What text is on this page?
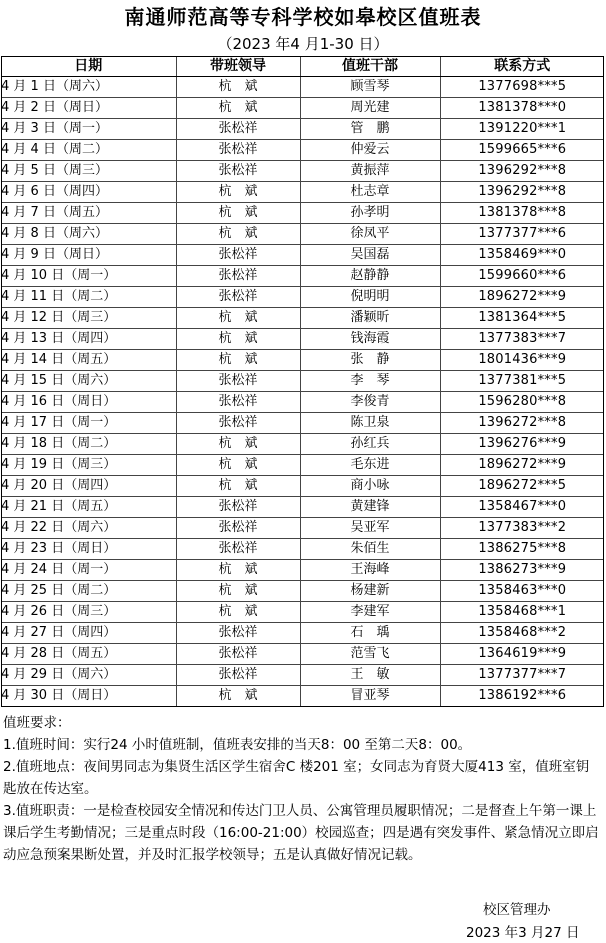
南通师范高等专科学校如皋校区值班表
（2023 年4 月1-30 日）
日期	带班领导	值班干部	联系方式
4 月 1 日（周六）	杭　斌	顾雪琴	1377698***5
4 月 2 日（周日）	杭　斌	周光建	1381378***0
4 月 3 日（周一）	张松祥	管　鹏	1391220***1
4 月 4 日（周二）	张松祥	仲爱云	1599665***6
4 月 5 日（周三）	张松祥	黄振萍	1396292***8
4 月 6 日（周四）	杭　斌	杜志章	1396292***8
4 月 7 日（周五）	杭　斌	孙孝明	1381378***8
4 月 8 日（周六）	杭　斌	徐凤平	1377377***6
4 月 9 日（周日）	张松祥	吴国磊	1358469***0
4 月 10 日（周一）	张松祥	赵静静	1599660***6
4 月 11 日（周二）	张松祥	倪明明	1896272***9
4 月 12 日（周三）	杭　斌	潘颖昕	1381364***5
4 月 13 日（周四）	杭　斌	钱海霞	1377383***7
4 月 14 日（周五）	杭　斌	张　静	1801436***9
4 月 15 日（周六）	张松祥	李　琴	1377381***5
4 月 16 日（周日）	张松祥	李俊青	1596280***8
4 月 17 日（周一）	张松祥	陈卫泉	1396272***8
4 月 18 日（周二）	杭　斌	孙红兵	1396276***9
4 月 19 日（周三）	杭　斌	毛东进	1896272***9
4 月 20 日（周四）	杭　斌	商小咏	1896272***5
4 月 21 日（周五）	张松祥	黄建锋	1358467***0
4 月 22 日（周六）	张松祥	吴亚军	1377383***2
4 月 23 日（周日）	张松祥	朱佰生	1386275***8
4 月 24 日（周一）	杭　斌	王海峰	1386273***9
4 月 25 日（周二）	杭　斌	杨建新	1358463***0
4 月 26 日（周三）	杭　斌	李建军	1358468***1
4 月 27 日（周四）	张松祥	石　瑀	1358468***2
4 月 28 日（周五）	张松祥	范雪飞	1364619***9
4 月 29 日（周六）	张松祥	王　敏	1377377***7
4 月 30 日（周日）	杭　斌	冒亚琴	1386192***6
值班要求：
1.值班时间：实行24 小时值班制，值班表安排的当天8：00 至第二天8：00。
2.值班地点：夜间男同志为集贤生活区学生宿舍C 楼201 室；女同志为育贤大厦413 室，值班室钥匙放在传达室。
3.值班职责：一是检查校园安全情况和传达门卫人员、公寓管理员履职情况；二是督查上午第一课上课后学生考勤情况；三是重点时段（16:00-21:00）校园巡查；四是遇有突发事件、紧急情况立即启动应急预案果断处置，并及时汇报学校领导；五是认真做好情况记载。
校区管理办
2023 年3 月27 日
